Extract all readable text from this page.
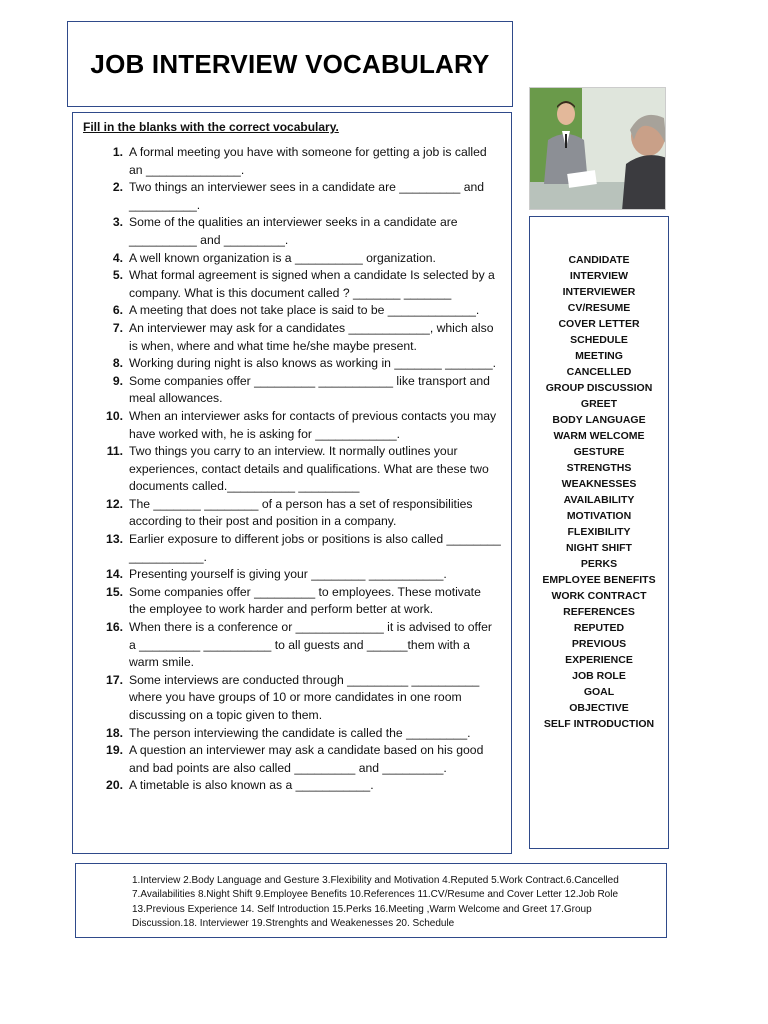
JOB INTERVIEW VOCABULARY

Fill in the blanks with the correct vocabulary.

1. A formal meeting you have with someone for getting a job is called an ______________.
2. Two things an interviewer sees in a candidate are _________ and __________.
3. Some of the qualities an interviewer seeks in a candidate are __________ and _________.
4. A well known organization is a __________ organization.
5. What formal agreement is signed when a candidate Is selected by a company. What is this document called ? _______ _______
6. A meeting that does not take place is said to be _____________.
7. An interviewer may ask for a candidates ____________, which also is when, where and what time he/she maybe present.
8. Working during night is also knows as working in _______ _______.
9. Some companies offer _________ ___________ like transport and meal allowances.
10. When an interviewer asks for contacts of previous contacts you may have worked with, he is asking for ____________.
11. Two things you carry to an interview. It normally outlines your experiences, contact details and qualifications. What are these two documents called.__________ _________
12. The _______ ________ of a person has a set of responsibilities according to their post and position in a company.
13. Earlier exposure to different jobs or positions is also called ________ ___________.
14. Presenting yourself is giving your ________ ___________.
15. Some companies offer _________ to employees. These motivate the employee to work harder and perform better at work.
16. When there is a conference or _____________ it is advised to offer a _________ __________ to all guests and ______them with a warm smile.
17. Some interviews are conducted through _________ __________ where you have groups of 10 or more candidates in one room discussing on a topic given to them.
18. The person interviewing the candidate is called the _________.
19. A question an interviewer may ask a candidate based on his good and bad points are also called _________ and _________.
20. A timetable is also known as a ___________.
CANDIDATE
INTERVIEW
INTERVIEWER
CV/RESUME
COVER LETTER
SCHEDULE
MEETING
CANCELLED
GROUP DISCUSSION
GREET
BODY LANGUAGE
WARM WELCOME
GESTURE
STRENGTHS
WEAKNESSES
AVAILABILITY
MOTIVATION
FLEXIBILITY
NIGHT SHIFT
PERKS
EMPLOYEE BENEFITS
WORK CONTRACT
REFERENCES
REPUTED
PREVIOUS
EXPERIENCE
JOB ROLE
GOAL
OBJECTIVE
SELF INTRODUCTION

1.Interview 2.Body Language and Gesture 3.Flexibility and Motivation 4.Reputed 5.Work Contract.6.Cancelled

7.Availabilities 8.Night Shift 9.Employee Benefits 10.References 11.CV/Resume and Cover Letter 12.Job Role

13.Previous Experience 14. Self Introduction 15.Perks 16.Meeting ,Warm Welcome and Greet 17.Group

Discussion.18. Interviewer 19.Strenghts and Weakenesses 20. Schedule
